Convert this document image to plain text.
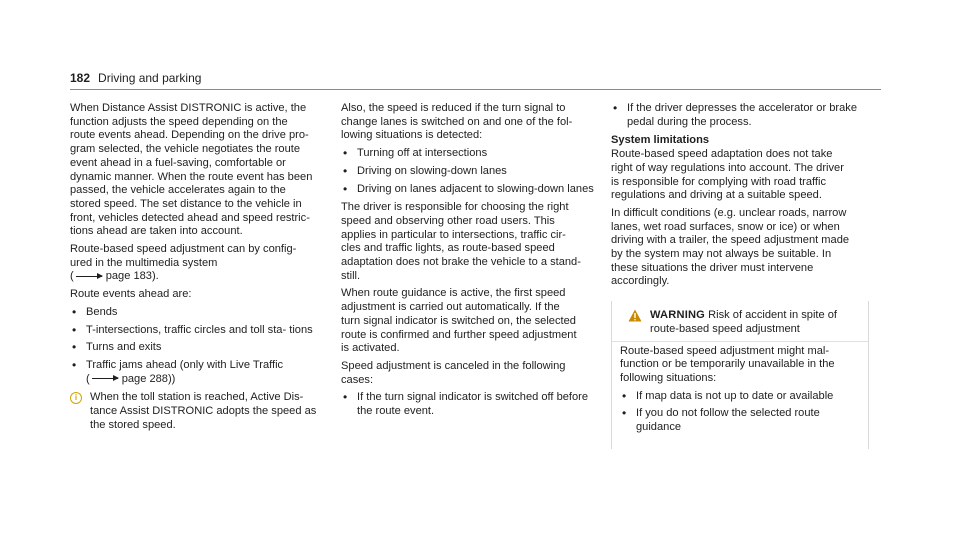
182 Driving and parking

When Distance Assist DISTRONIC is active, the
function adjusts the speed depending on the
route events ahead. Depending on the drive pro-
gram selected, the vehicle negotiates the route
event ahead in a fuel-saving, comfortable or
dynamic manner. When the route event has been
passed, the vehicle accelerates again to the
stored speed. The set distance to the vehicle in
front, vehicles detected ahead and speed restric-
tions ahead are taken into account.

Route-based speed adjustment can by config-
ured in the multimedia system
(	page 183).

Route events ahead are:

• Bends
• T-intersections, traffic circles and toll sta- tions
• Turns and exits
• Traffic jams ahead (only with Live Traffic
(	page 288))
i	When the toll station is reached, Active Dis-
tance Assist DISTRONIC adopts the speed as
the stored speed.

Also, the speed is reduced if the turn signal to
change lanes is switched on and one of the fol-
lowing situations is detected:

• Turning off at intersections
• Driving on slowing-down lanes
• Driving on lanes adjacent to slowing-down lanes

The driver is responsible for choosing the right
speed and observing other road users. This
applies in particular to intersections, traffic cir-
cles and traffic lights, as route-based speed
adaptation does not brake the vehicle to a stand-
still.

When route guidance is active, the first speed
adjustment is carried out automatically. If the
turn signal indicator is switched on, the selected
route is confirmed and further speed adjustment
is activated.

Speed adjustment is canceled in the following
cases:

• If the turn signal indicator is switched off before the route event.
• If the driver depresses the accelerator or brake pedal during the process.

System limitations

Route-based speed adaptation does not take
right of way regulations into account. The driver
is responsible for complying with road traffic
regulations and driving at a suitable speed.

In difficult conditions (e.g. unclear roads, narrow
lanes, wet road surfaces, snow or ice) or when
driving with a trailer, the speed adjustment made
by the system may not always be suitable. In
these situations the driver must intervene
accordingly.

WARNING Risk of accident in spite of
route-based speed adjustment

Route-based speed adjustment might mal-
function or be temporarily unavailable in the
following situations:

• If map data is not up to date or available
• If you do not follow the selected route guidance
